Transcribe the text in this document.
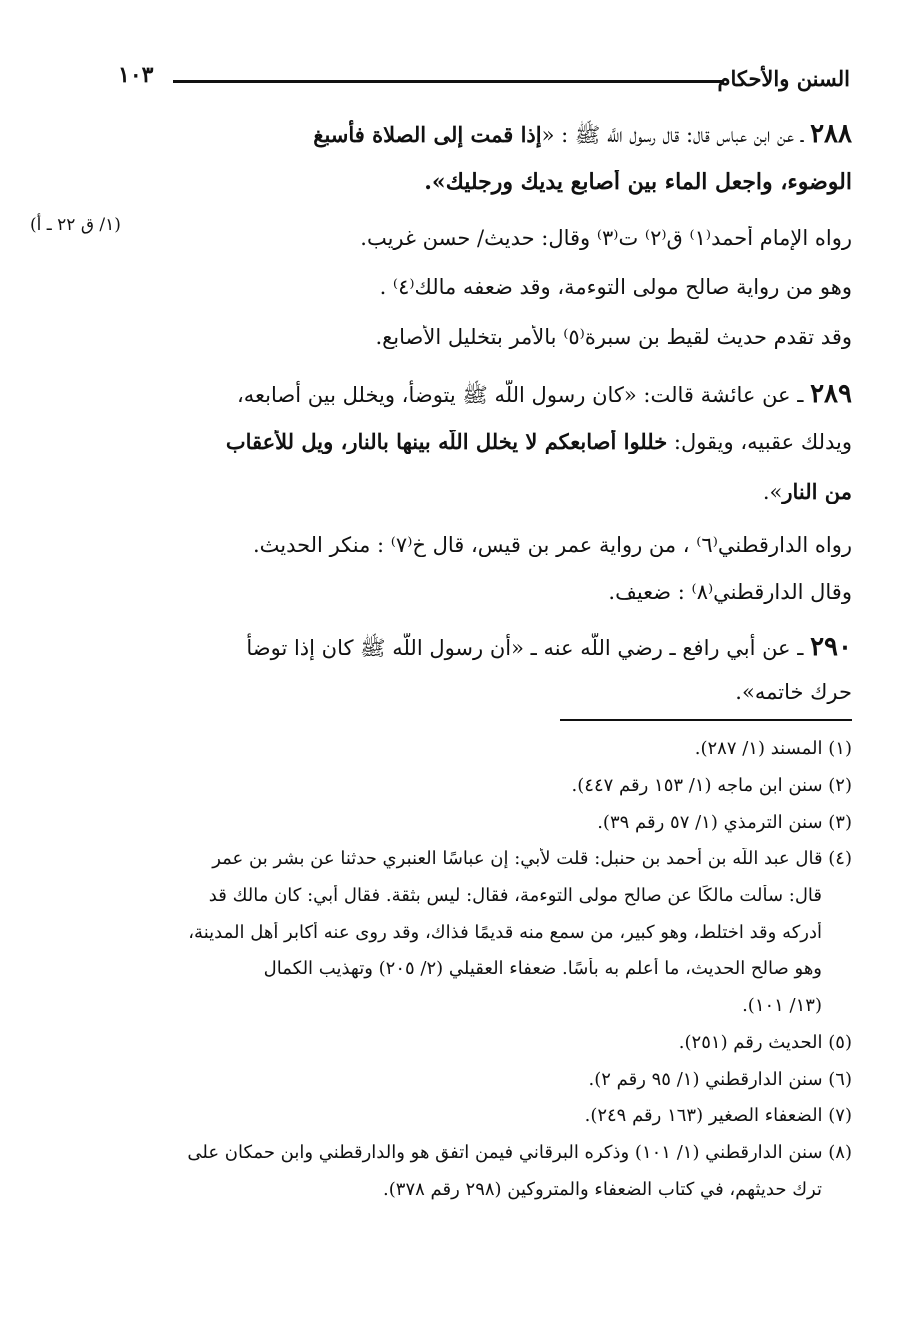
السنن والأحكام
١٠٣
٢٨٨ ـ عن ابن عباس قال: قال رسول اللَّه ﷺ : «إذا قمت إلى الصلاة فأسبغ
الوضوء، واجعل الماء بين أصابع يديك ورجليك».
رواه الإمام أحمد⁽١⁾ ق⁽٢⁾ ت⁽٣⁾ وقال: حديث/ حسن غريب.
(١/ ق ٢٢ ـ أ)
وهو من رواية صالح مولى التوءمة، وقد ضعفه مالك⁽٤⁾ .
وقد تقدم حديث لقيط بن سبرة⁽٥⁾ بالأمر بتخليل الأصابع.
٢٨٩ ـ عن عائشة قالت: «كان رسول اللَّه ﷺ يتوضأ، ويخلل بين أصابعه،
ويدلك عقبيه، ويقول: خللوا أصابعكم لا يخلل اللَّه بينها بالنار، ويل للأعقاب
من النار».
رواه الدارقطني⁽٦⁾ ، من رواية عمر بن قيس، قال خ⁽٧⁾ : منكر الحديث.
وقال الدارقطني⁽٨⁾ : ضعيف.
٢٩٠ ـ عن أبي رافع ـ رضي اللَّه عنه ـ «أن رسول اللَّه ﷺ كان إذا توضأ
حرك خاتمه».
(١) المسند (١/ ٢٨٧).
(٢) سنن ابن ماجه (١/ ١٥٣ رقم ٤٤٧).
(٣) سنن الترمذي (١/ ٥٧ رقم ٣٩).
(٤) قال عبد اللَّه بن أحمد بن حنبل: قلت لأبي: إن عباسًا العنبري حدثنا عن بشر بن عمر
قال: سألت مالكًا عن صالح مولى التوءمة، فقال: ليس بثقة. فقال أبي: كان مالك قد
أدركه وقد اختلط، وهو كبير، من سمع منه قديمًا فذاك، وقد روى عنه أكابر أهل المدينة،
وهو صالح الحديث، ما أعلم به بأسًا. ضعفاء العقيلي (٢/ ٢٠٥) وتهذيب الكمال
(١٣/ ١٠١).
(٥) الحديث رقم (٢٥١).
(٦) سنن الدارقطني (١/ ٩٥ رقم ٢).
(٧) الضعفاء الصغير (١٦٣ رقم ٢٤٩).
(٨) سنن الدارقطني (١/ ١٠١) وذكره البرقاني فيمن اتفق هو والدارقطني وابن حمكان على
ترك حديثهم، في كتاب الضعفاء والمتروكين (٢٩٨ رقم ٣٧٨).
